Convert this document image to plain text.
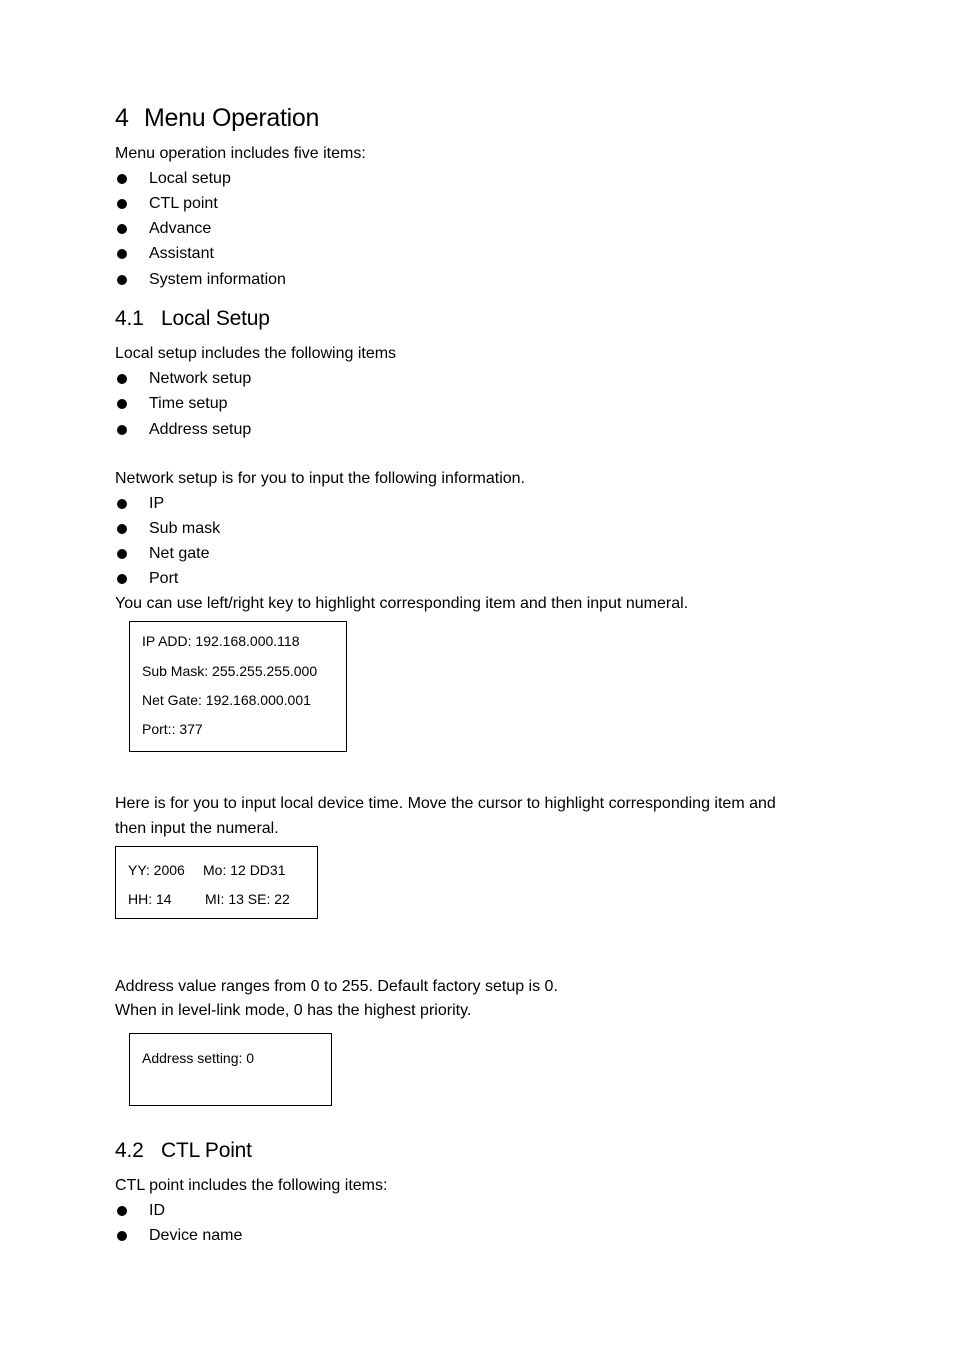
4 Menu Operation
Menu operation includes five items:
Local setup
CTL point
Advance
Assistant
System information
4.1 Local Setup
Local setup includes the following items
Network setup
Time setup
Address setup
Network setup is for you to input the following information.
IP
Sub mask
Net gate
Port
You can use left/right key to highlight corresponding item and then input numeral.
IP ADD: 192.168.000.118
Sub Mask: 255.255.255.000
Net Gate: 192.168.000.001
Port:: 377
Here is for you to input local device time. Move the cursor to highlight corresponding item and
then input the numeral.
YY: 2006 Mo: 12 DD31
HH: 14 MI: 13 SE: 22
Address value ranges from 0 to 255. Default factory setup is 0.
When in level-link mode, 0 has the highest priority.
Address setting: 0
4.2 CTL Point
CTL point includes the following items:
ID
Device name
